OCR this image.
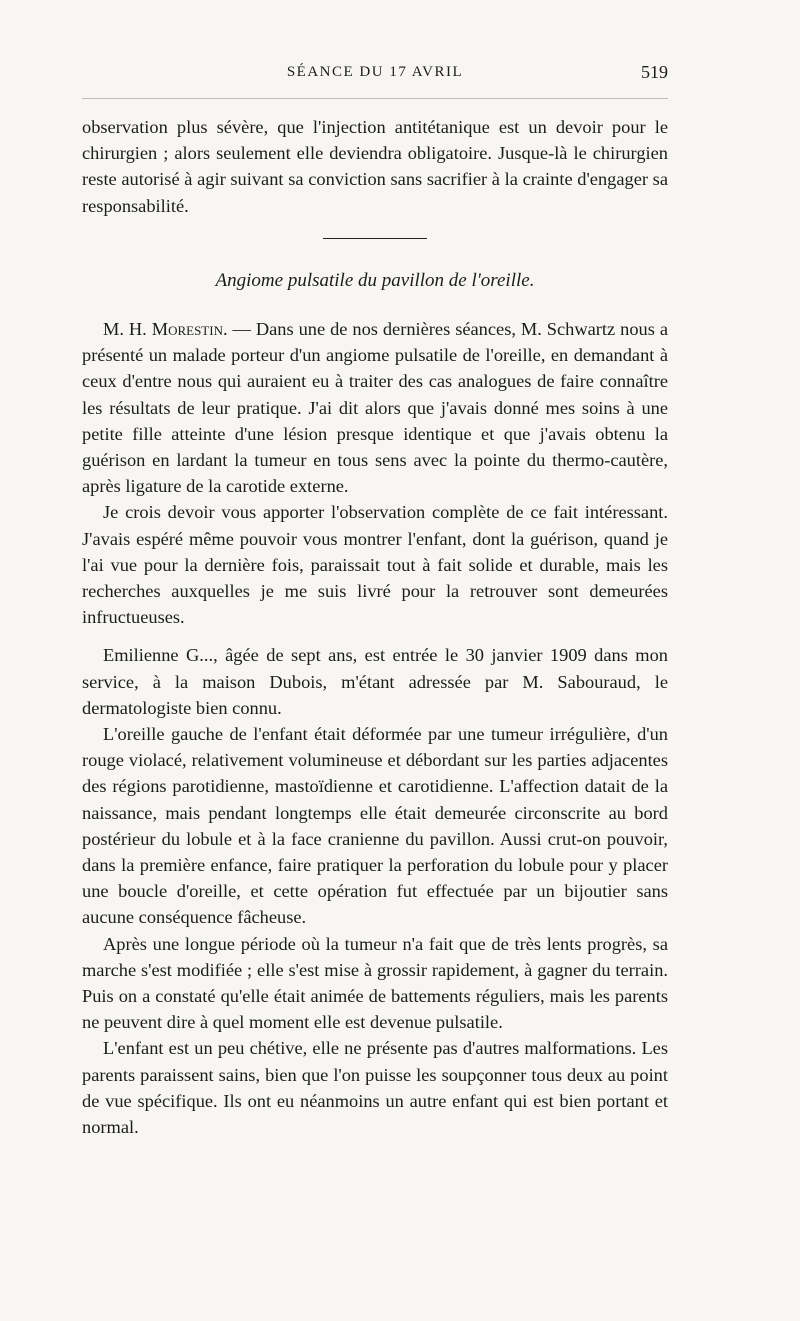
SÉANCE DU 17 AVRIL	519

observation plus sévère, que l'injection antitétanique est un devoir pour le chirurgien ; alors seulement elle deviendra obligatoire. Jusque-là le chirurgien reste autorisé à agir suivant sa conviction sans sacrifier à la crainte d'engager sa responsabilité.

Angiome pulsatile du pavillon de l'oreille.

M. H. Morestin. — Dans une de nos dernières séances, M. Schwartz nous a présenté un malade porteur d'un angiome pulsatile de l'oreille, en demandant à ceux d'entre nous qui auraient eu à traiter des cas analogues de faire connaître les résultats de leur pratique. J'ai dit alors que j'avais donné mes soins à une petite fille atteinte d'une lésion presque identique et que j'avais obtenu la guérison en lardant la tumeur en tous sens avec la pointe du thermo-cautère, après ligature de la carotide externe.

Je crois devoir vous apporter l'observation complète de ce fait intéressant. J'avais espéré même pouvoir vous montrer l'enfant, dont la guérison, quand je l'ai vue pour la dernière fois, paraissait tout à fait solide et durable, mais les recherches auxquelles je me suis livré pour la retrouver sont demeurées infructueuses.

Emilienne G..., âgée de sept ans, est entrée le 30 janvier 1909 dans mon service, à la maison Dubois, m'étant adressée par M. Sabouraud, le dermatologiste bien connu.

L'oreille gauche de l'enfant était déformée par une tumeur irrégulière, d'un rouge violacé, relativement volumineuse et débordant sur les parties adjacentes des régions parotidienne, mastoïdienne et carotidienne. L'affection datait de la naissance, mais pendant longtemps elle était demeurée circonscrite au bord postérieur du lobule et à la face cranienne du pavillon. Aussi crut-on pouvoir, dans la première enfance, faire pratiquer la perforation du lobule pour y placer une boucle d'oreille, et cette opération fut effectuée par un bijoutier sans aucune conséquence fâcheuse.

Après une longue période où la tumeur n'a fait que de très lents progrès, sa marche s'est modifiée ; elle s'est mise à grossir rapidement, à gagner du terrain. Puis on a constaté qu'elle était animée de battements réguliers, mais les parents ne peuvent dire à quel moment elle est devenue pulsatile.

L'enfant est un peu chétive, elle ne présente pas d'autres malformations. Les parents paraissent sains, bien que l'on puisse les soupçonner tous deux au point de vue spécifique. Ils ont eu néanmoins un autre enfant qui est bien portant et normal.
